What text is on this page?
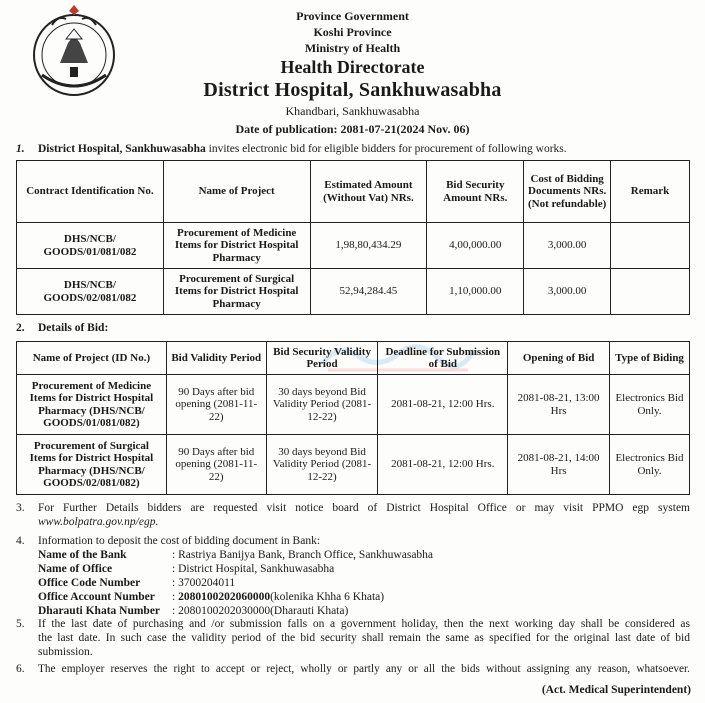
Province Government
Koshi Province
Ministry of Health
Health Directorate
District Hospital, Sankhuwasabha
Khandbari, Sankhuwasabha
Date of publication: 2081-07-21(2024 Nov. 06)
1. District Hospital, Sankhuwasabha invites electronic bid for eligible bidders for procurement of following works.
Contract Identification No.	Name of Project	Estimated Amount (Without Vat) NRs.	Bid Security Amount NRs.	Cost of Bidding Documents NRs.(Not refundable)	Remark
DHS/NCB/ GOODS/01/081/082	Procurement of Medicine Items for District Hospital Pharmacy	1,98,80,434.29	4,00,000.00	3,000.00	
DHS/NCB/ GOODS/02/081/082	Procurement of Surgical Items for District Hospital Pharmacy	52,94,284.45	1,10,000.00	3,000.00	
2. Details of Bid:
Name of Project (ID No.)	Bid Validity Period	Bid Security Validity Period	Deadline for Submission of Bid	Opening of Bid	Type of Biding
Procurement of Medicine Items for District Hospital Pharmacy (DHS/NCB/ GOODS/01/081/082)	90 Days after bid opening (2081-11-22)	30 days beyond Bid Validity Period (2081-12-22)	2081-08-21, 12:00 Hrs.	2081-08-21, 13:00 Hrs	Electronics Bid Only.
Procurement of Surgical Items for District Hospital Pharmacy (DHS/NCB/ GOODS/02/081/082)	90 Days after bid opening (2081-11-22)	30 days beyond Bid Validity Period (2081-12-22)	2081-08-21, 12:00 Hrs.	2081-08-21, 14:00 Hrs	Electronics Bid Only.
3. For Further Details bidders are requested visit notice board of District Hospital Office or may visit PPMO egp system
www.bolpatra.gov.np/egp.
4. Information to deposit the cost of bidding document in Bank:
Name of the Bank	: Rastriya Banijya Bank, Branch Office, Sankhuwasabha
Name of Office	: District Hospital, Sankhuwasabha
Office Code Number	: 3700204011
Office Account Number : 2080100202060000(kolenika Khha 6 Khata)
Dharauti Khata Number : 2080100202030000(Dharauti Khata)
5. If the last date of purchasing and /or submission falls on a government holiday, then the next working day shall be considered as
the last date. In such case the validity period of the bid security shall remain the same as specified for the original last date of bid
submission.
6. The employer reserves the right to accept or reject, wholly or partly any or all the bids without assigning any reason, whatsoever.
(Act. Medical Superintendent)
